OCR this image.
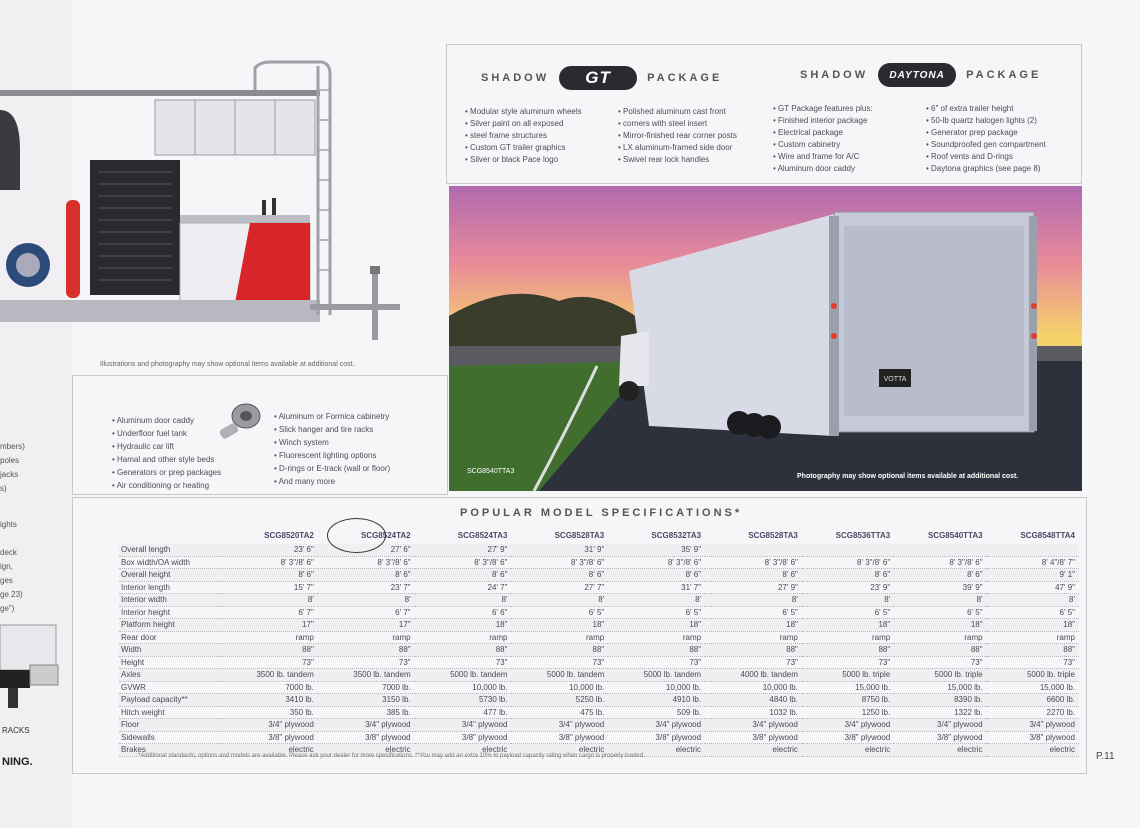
mbers)
poles
jacks
s)
ights
deck
ign,
ges
ge 23)
ge”)
RACKS
NING.
Illustrations and photography may show optional items available at additional cost.
SHADOW	GT	PACKAGE	SHADOW	DAYTONA	PACKAGE
• Modular style aluminum wheels
• Silver paint on all exposed
• steel frame structures
• Custom GT trailer graphics
• Silver or black Pace logo
• Polished aluminum cast front
• corners with steel insert
• Mirror-finished rear corner posts
• LX aluminum-framed side door
• Swivel rear lock handles
• GT Package features plus:
• Finished interior package
• Electrical package
• Custom cabinetry
• Wire and frame for A/C
• Aluminum door caddy
• 6″ of extra trailer height
• 50-lb quartz halogen lights (2)
• Generator prep package
• Soundproofed gen compartment
• Roof vents and D-rings
• Daytona graphics (see page 8)
VOTTA
SCG8540TTA3
Photography may show optional items available at additional cost.
• Aluminum door caddy
• Underfloor fuel tank
• Hydraulic car lift
• Hamal and other style beds
• Generators or prep packages
• Air conditioning or heating
• Aluminum or Formica cabinetry
• Slick hanger and tire racks
• Winch system
• Fluorescent lighting options
• D-rings or E-track (wall or floor)
• And many more
POPULAR MODEL SPECIFICATIONS*
	SCG8520TA2	SCG8524TA2	SCG8524TA3	SCG8528TA3	SCG8532TA3	SCG8528TA3	SCG8536TTA3	SCG8540TTA3	SCG8548TTA4
Overall length	23' 6"	27' 6"	27' 9"	31' 9"	35' 9"				
Box width/OA width	8' 3"/8' 6"	8' 3"/8' 6"	8' 3"/8' 6"	8' 3"/8' 6"	8' 3"/8' 6"	8' 3"/8' 6"	8' 3"/8' 6"	8' 3"/8' 6"	8' 4"/8' 7"
Overall height	8' 6"	8' 6"	8' 6"	8' 6"	8' 6"	8' 6"	8' 6"	8' 6"	9' 1"
Interior length	15' 7"	23' 7"	24' 7"	27' 7"	31' 7"	27' 9"	23' 9"	39' 9"	47' 9"
Interior width	8'	8'	8'	8'	8'	8'	8'	8'	8'
Interior height	6' 7"	6' 7"	6' 6"	6' 5"	6' 5"	6' 5"	6' 5"	6' 5"	6' 5"
Platform height	17"	17"	18"	18"	18"	18"	18"	18"	18"
Rear door	ramp	ramp	ramp	ramp	ramp	ramp	ramp	ramp	ramp
Width	88"	88"	88"	88"	88"	88"	88"	88"	88"
Height	73"	73"	73"	73"	73"	73"	73"	73"	73"
Axles	3500 lb. tandem	3500 lb. tandem	5000 lb. tandem	5000 lb. tandem	5000 lb. tandem	4000 lb. tandem	5000 lb. triple	5000 lb. triple	5000 lb. triple
GVWR	7000 lb.	7000 lb.	10,000 lb.	10,000 lb.	10,000 lb.	10,000 lb.	15,000 lb.	15,000 lb.	15,000 lb.
Payload capacity**	3410 lb.	3150 lb.	5730 lb.	5250 lb.	4910 lb.	4840 lb.	8750 lb.	8390 lb.	6600 lb.
Hitch weight	350 lb.	385 lb.	477 lb.	475 lb.	509 lb.	1032 lb.	1250 lb.	1322 lb.	2270 lb.
Floor	3/4" plywood	3/4" plywood	3/4" plywood	3/4" plywood	3/4" plywood	3/4" plywood	3/4" plywood	3/4" plywood	3/4" plywood
Sidewalls	3/8" plywood	3/8" plywood	3/8" plywood	3/8" plywood	3/8" plywood	3/8" plywood	3/8" plywood	3/8" plywood	3/8" plywood
Brakes	electric	electric	electric	electric	electric	electric	electric	electric	electric
*Additional standards, options and models are available. Please ask your dealer for more specifications. **You may add an extra 10% to payload capacity rating when cargo is properly loaded.	P.11
